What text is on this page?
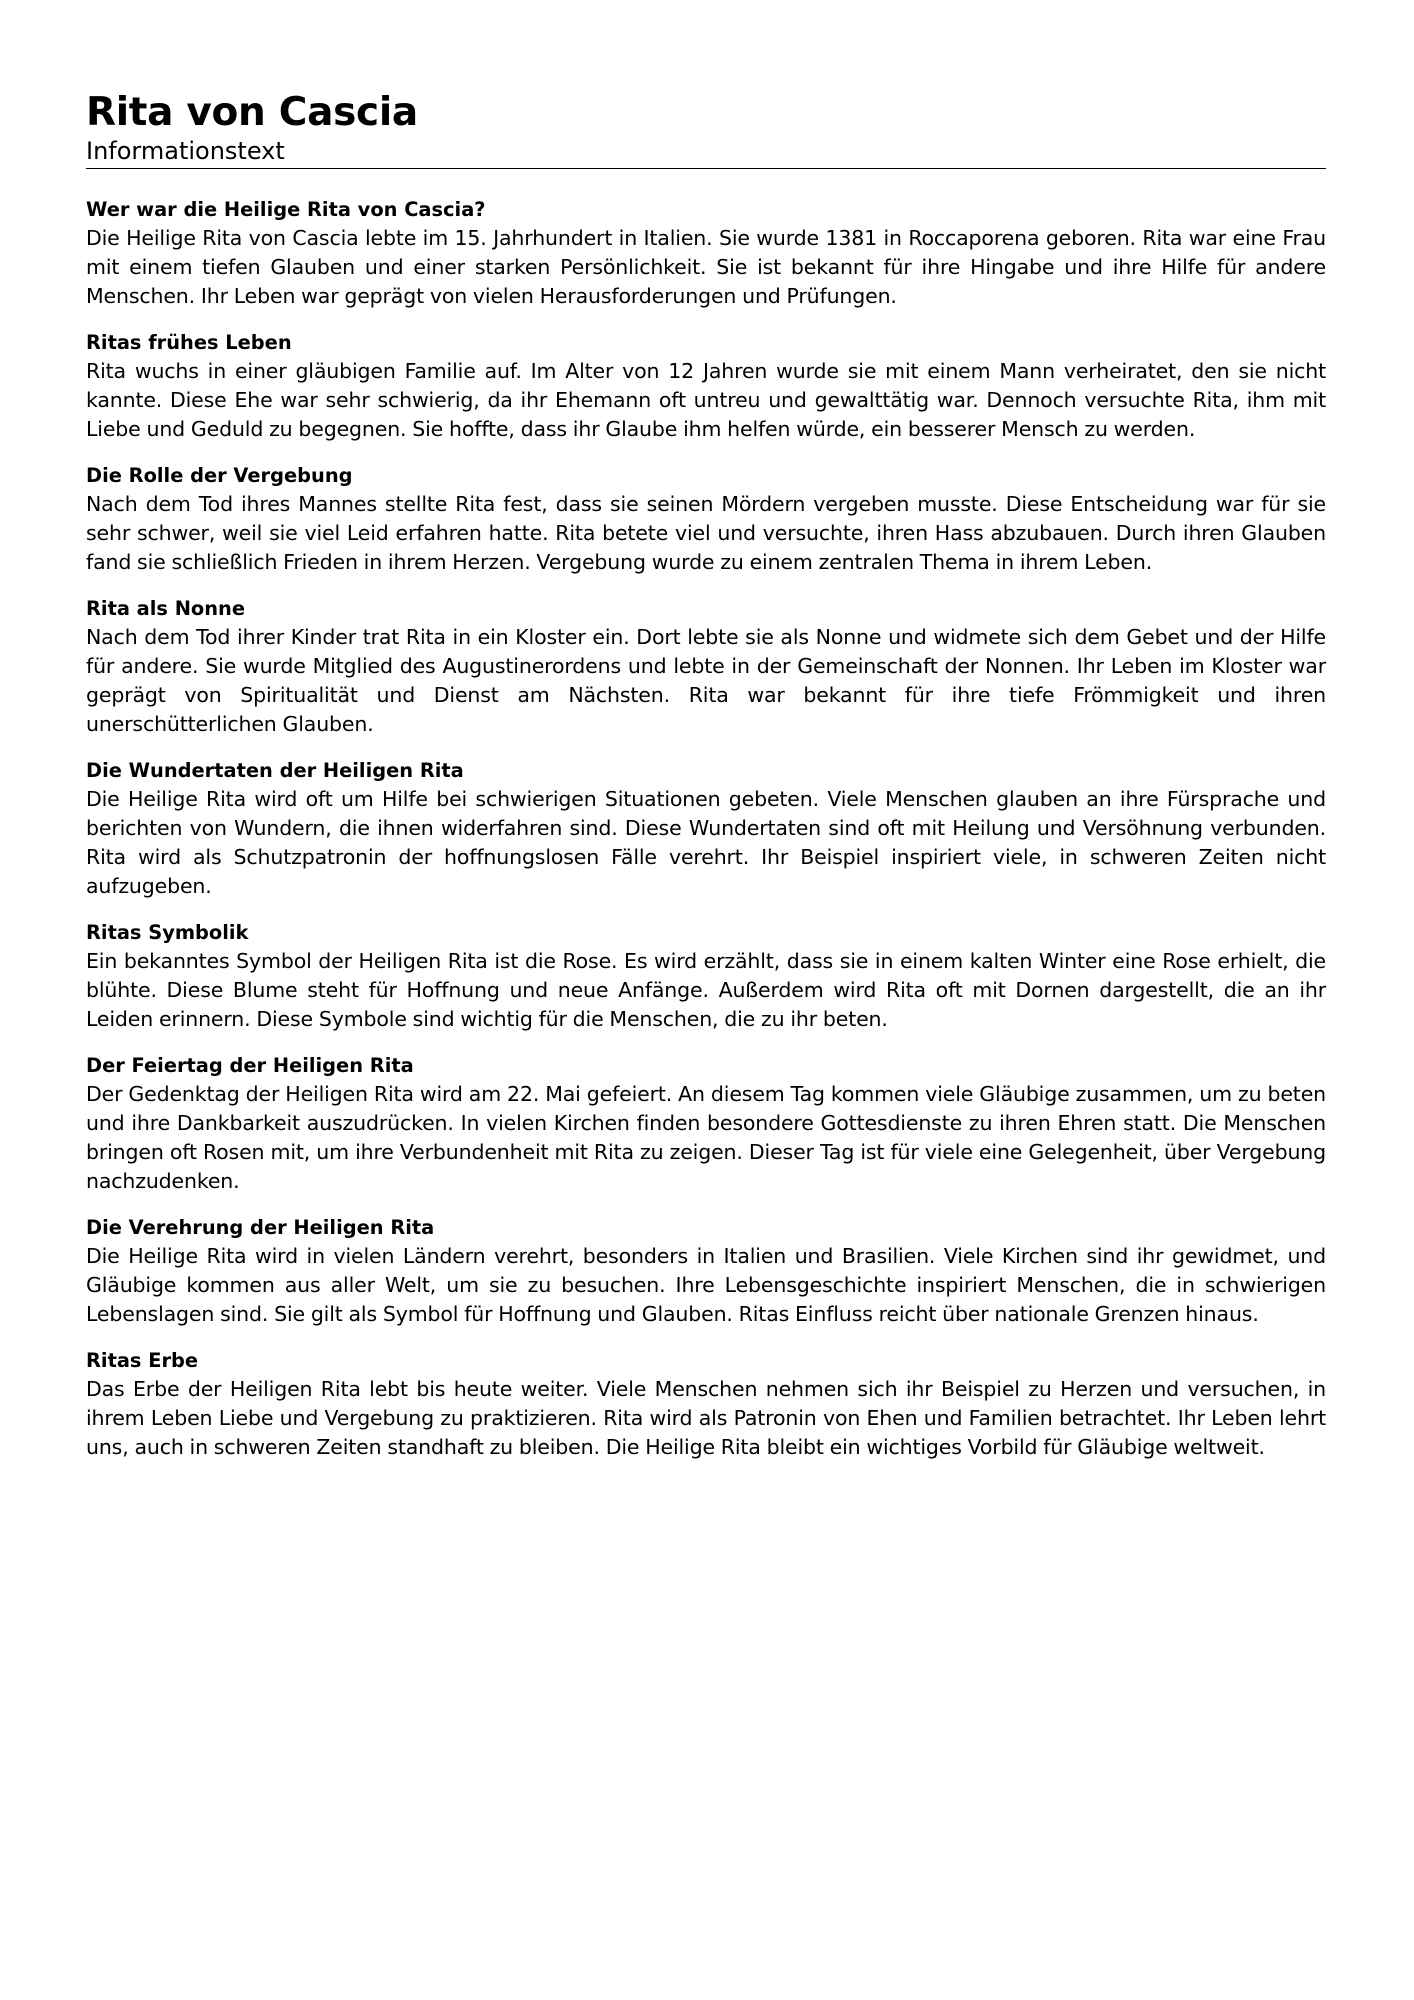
Rita von Cascia

Informationstext

Wer war die Heilige Rita von Cascia?

Die Heilige Rita von Cascia lebte im 15. Jahrhundert in Italien. Sie wurde 1381 in Roccaporena geboren. Rita war eine Frau mit einem tiefen Glauben und einer starken Persönlichkeit. Sie ist bekannt für ihre Hingabe und ihre Hilfe für andere Menschen. Ihr Leben war geprägt von vielen Herausforderungen und Prüfungen.

Ritas frühes Leben

Rita wuchs in einer gläubigen Familie auf. Im Alter von 12 Jahren wurde sie mit einem Mann verheiratet, den sie nicht kannte. Diese Ehe war sehr schwierig, da ihr Ehemann oft untreu und gewalttätig war. Dennoch versuchte Rita, ihm mit Liebe und Geduld zu begegnen. Sie hoffte, dass ihr Glaube ihm helfen würde, ein besserer Mensch zu werden.

Die Rolle der Vergebung

Nach dem Tod ihres Mannes stellte Rita fest, dass sie seinen Mördern vergeben musste. Diese Entscheidung war für sie sehr schwer, weil sie viel Leid erfahren hatte. Rita betete viel und versuchte, ihren Hass abzubauen. Durch ihren Glauben fand sie schließlich Frieden in ihrem Herzen. Vergebung wurde zu einem zentralen Thema in ihrem Leben.

Rita als Nonne

Nach dem Tod ihrer Kinder trat Rita in ein Kloster ein. Dort lebte sie als Nonne und widmete sich dem Gebet und der Hilfe für andere. Sie wurde Mitglied des Augustinerordens und lebte in der Gemeinschaft der Nonnen. Ihr Leben im Kloster war geprägt von Spiritualität und Dienst am Nächsten. Rita war bekannt für ihre tiefe Frömmigkeit und ihren unerschütterlichen Glauben.

Die Wundertaten der Heiligen Rita

Die Heilige Rita wird oft um Hilfe bei schwierigen Situationen gebeten. Viele Menschen glauben an ihre Fürsprache und berichten von Wundern, die ihnen widerfahren sind. Diese Wundertaten sind oft mit Heilung und Versöhnung verbunden. Rita wird als Schutzpatronin der hoffnungslosen Fälle verehrt. Ihr Beispiel inspiriert viele, in schweren Zeiten nicht aufzugeben.

Ritas Symbolik

Ein bekanntes Symbol der Heiligen Rita ist die Rose. Es wird erzählt, dass sie in einem kalten Winter eine Rose erhielt, die blühte. Diese Blume steht für Hoffnung und neue Anfänge. Außerdem wird Rita oft mit Dornen dargestellt, die an ihr Leiden erinnern. Diese Symbole sind wichtig für die Menschen, die zu ihr beten.

Der Feiertag der Heiligen Rita

Der Gedenktag der Heiligen Rita wird am 22. Mai gefeiert. An diesem Tag kommen viele Gläubige zusammen, um zu beten und ihre Dankbarkeit auszudrücken. In vielen Kirchen finden besondere Gottesdienste zu ihren Ehren statt. Die Menschen bringen oft Rosen mit, um ihre Verbundenheit mit Rita zu zeigen. Dieser Tag ist für viele eine Gelegenheit, über Vergebung nachzudenken.

Die Verehrung der Heiligen Rita

Die Heilige Rita wird in vielen Ländern verehrt, besonders in Italien und Brasilien. Viele Kirchen sind ihr gewidmet, und Gläubige kommen aus aller Welt, um sie zu besuchen. Ihre Lebensgeschichte inspiriert Menschen, die in schwierigen Lebenslagen sind. Sie gilt als Symbol für Hoffnung und Glauben. Ritas Einfluss reicht über nationale Grenzen hinaus.

Ritas Erbe

Das Erbe der Heiligen Rita lebt bis heute weiter. Viele Menschen nehmen sich ihr Beispiel zu Herzen und versuchen, in ihrem Leben Liebe und Vergebung zu praktizieren. Rita wird als Patronin von Ehen und Familien betrachtet. Ihr Leben lehrt uns, auch in schweren Zeiten standhaft zu bleiben. Die Heilige Rita bleibt ein wichtiges Vorbild für Gläubige weltweit.
